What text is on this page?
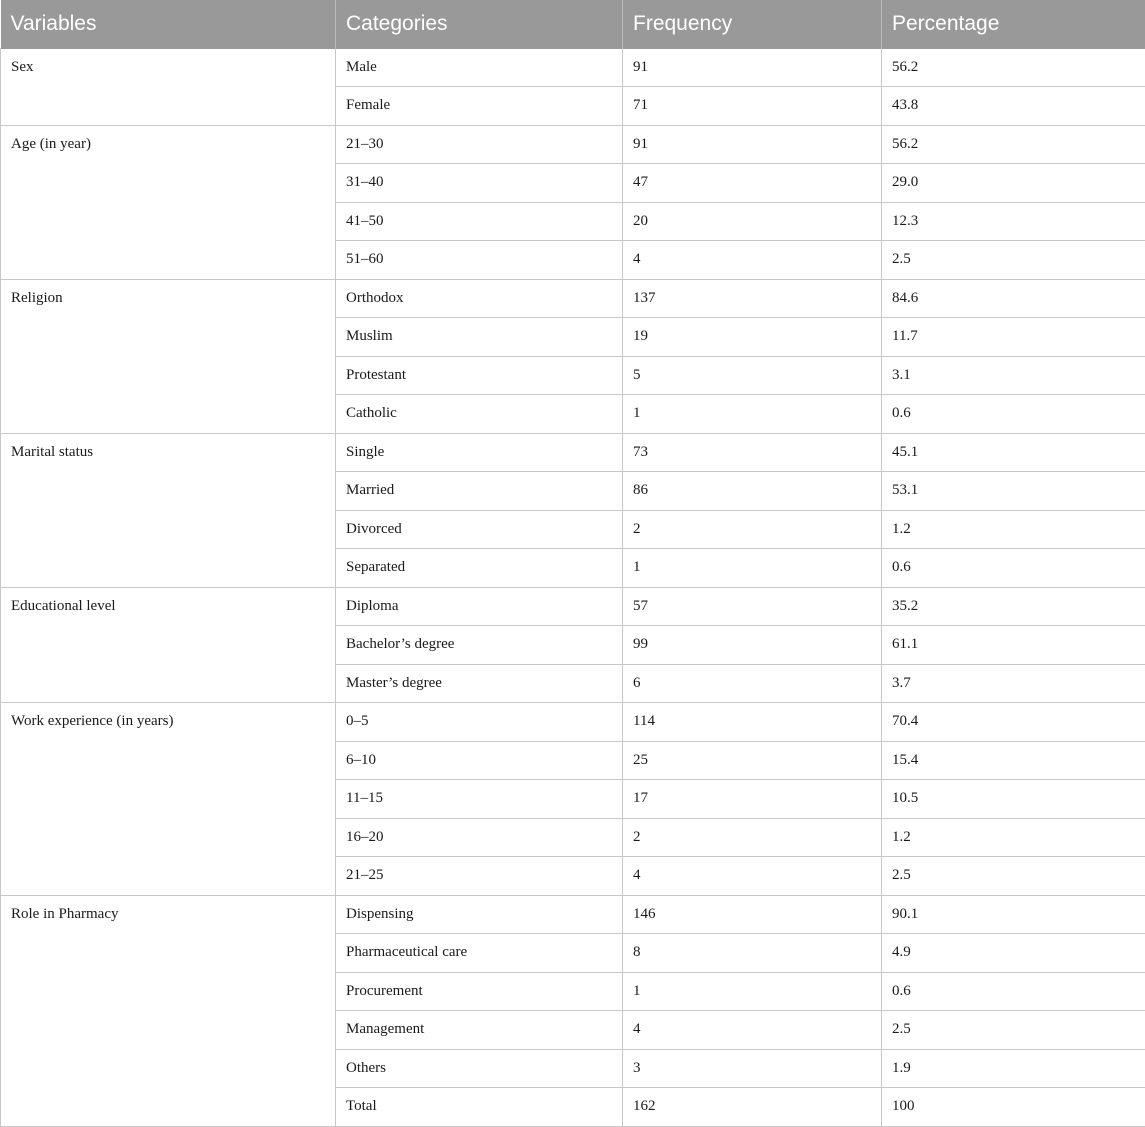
Variables	Categories	Frequency	Percentage
Sex	Male	91	56.2
	Female	71	43.8
Age (in year)	21–30	91	56.2
	31–40	47	29.0
	41–50	20	12.3
	51–60	4	2.5
Religion	Orthodox	137	84.6
	Muslim	19	11.7
	Protestant	5	3.1
	Catholic	1	0.6
Marital status	Single	73	45.1
	Married	86	53.1
	Divorced	2	1.2
	Separated	1	0.6
Educational level	Diploma	57	35.2
	Bachelor’s degree	99	61.1
	Master’s degree	6	3.7
Work experience (in years)	0–5	114	70.4
	6–10	25	15.4
	11–15	17	10.5
	16–20	2	1.2
	21–25	4	2.5
Role in Pharmacy	Dispensing	146	90.1
	Pharmaceutical care	8	4.9
	Procurement	1	0.6
	Management	4	2.5
	Others	3	1.9
	Total	162	100
